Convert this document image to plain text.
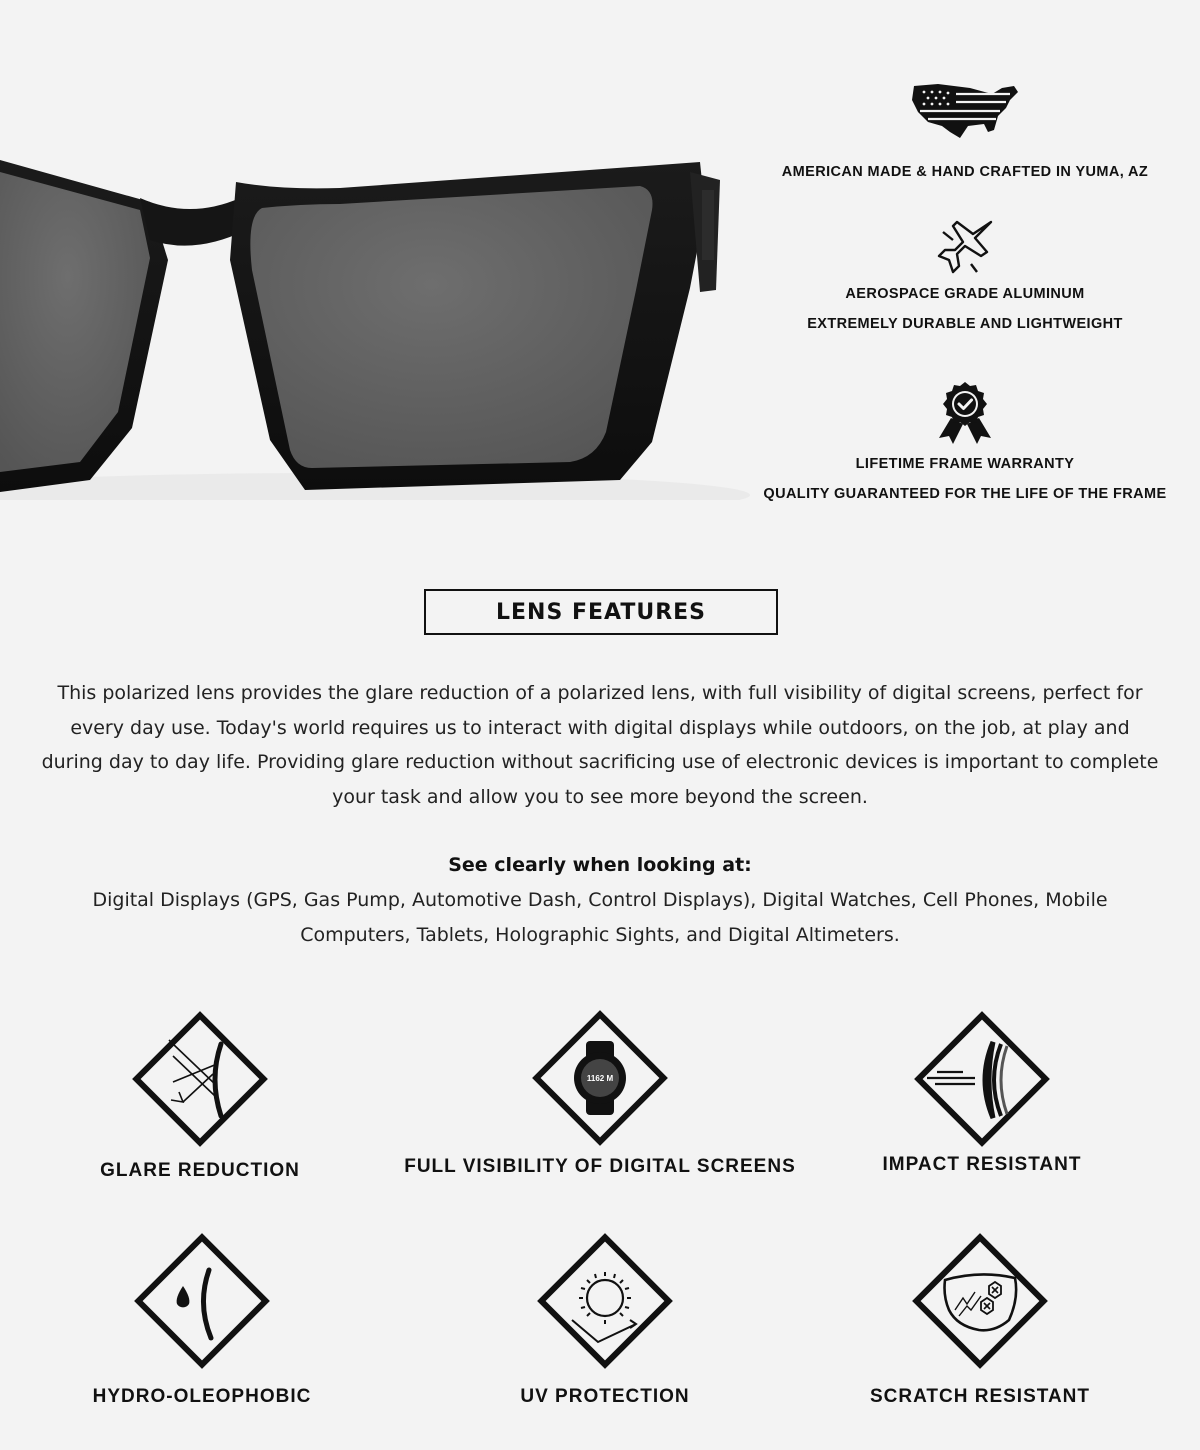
AMERICAN MADE & HAND CRAFTED IN YUMA, AZ
AEROSPACE GRADE ALUMINUM
EXTREMELY DURABLE AND LIGHTWEIGHT
LIFETIME FRAME WARRANTY
QUALITY GUARANTEED FOR THE LIFE OF THE FRAME
LENS FEATURES

This polarized lens provides the glare reduction of a polarized lens, with full visibility of digital screens, perfect for every day use. Today's world requires us to interact with digital displays while outdoors, on the job, at play and during day to day life. Providing glare reduction without sacrificing use of electronic devices is important to complete your task and allow you to see more beyond the screen.

See clearly when looking at:

Digital Displays (GPS, Gas Pump, Automotive Dash, Control Displays), Digital Watches, Cell Phones, Mobile Computers, Tablets, Holographic Sights, and Digital Altimeters.

GLARE REDUCTION
1162 M
FULL VISIBILITY OF DIGITAL SCREENS	IMPACT RESISTANT
HYDRO-OLEOPHOBIC	UV PROTECTION	SCRATCH RESISTANT
